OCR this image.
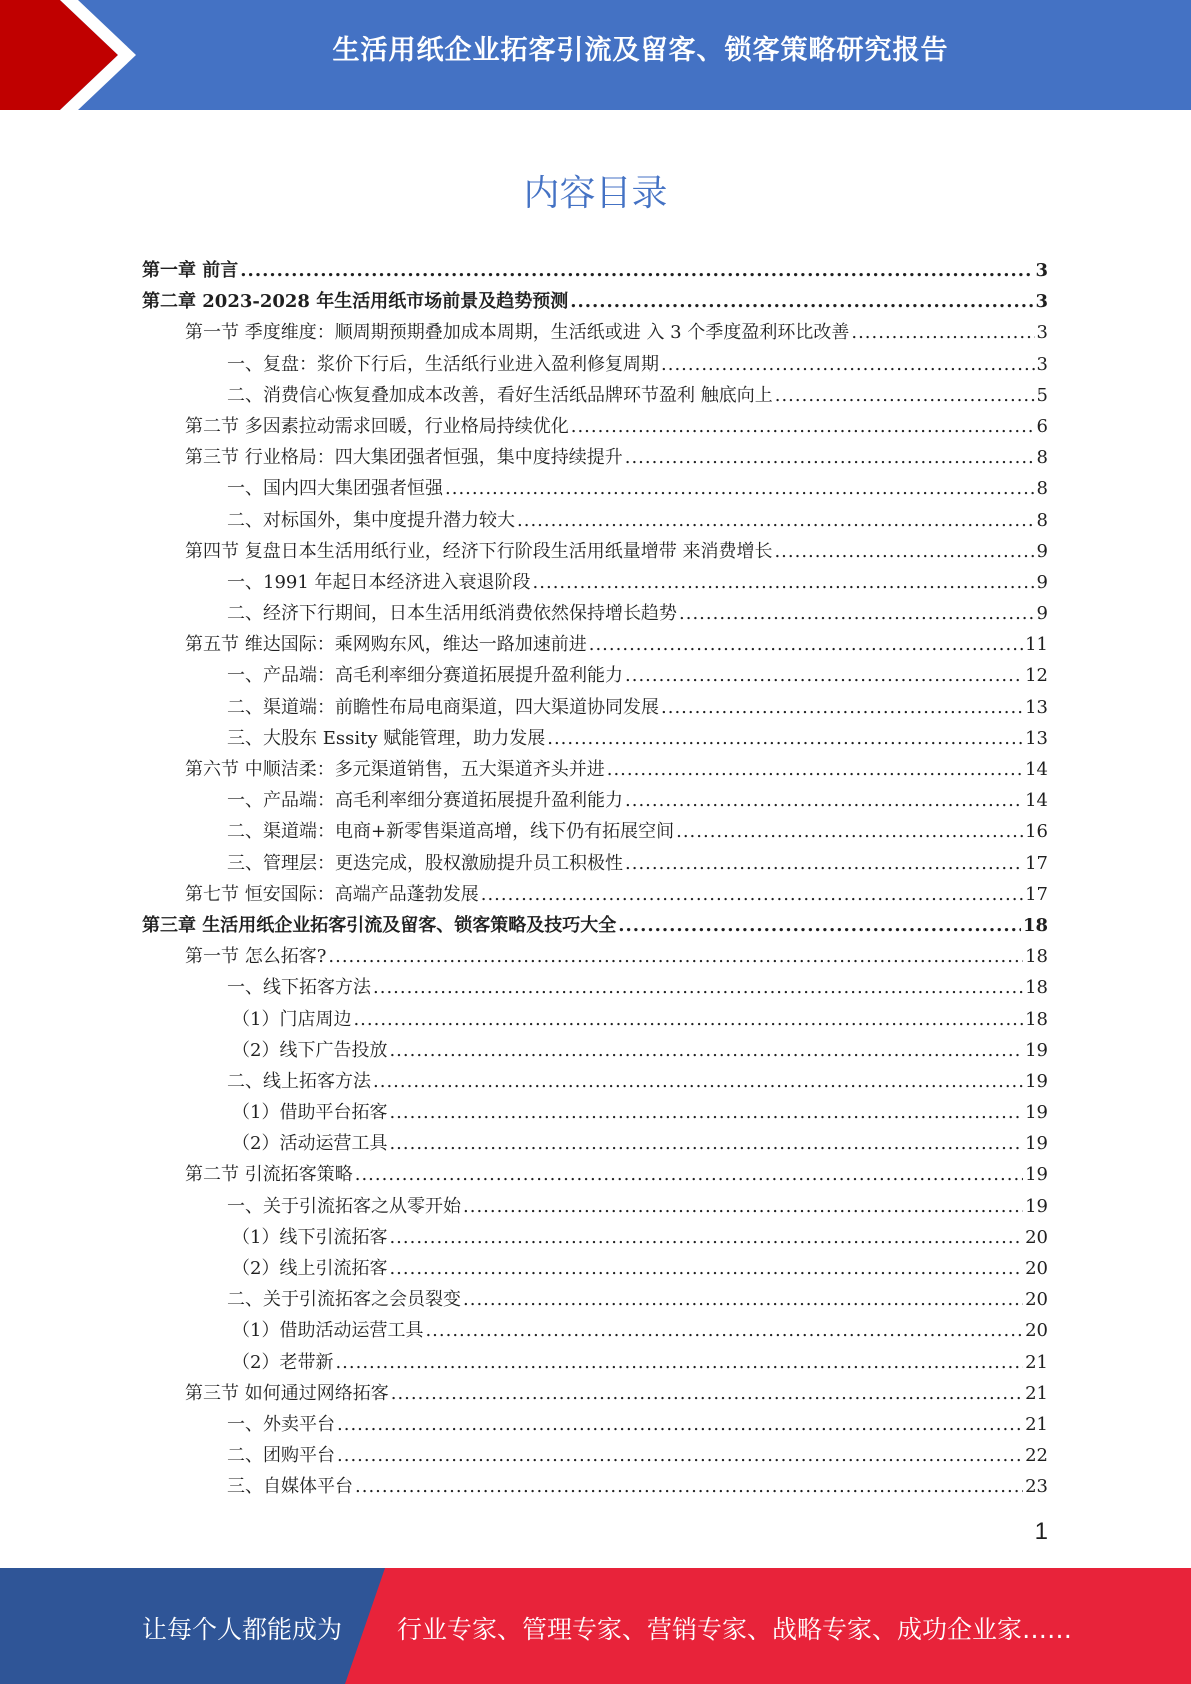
生活用纸企业拓客引流及留客、锁客策略研究报告
内容目录
第一章 前言 .....	3
第二章 2023-2028 年生活用纸市场前景及趋势预测 .....	3
第一节 季度维度：顺周期预期叠加成本周期，生活纸或进 入 3 个季度盈利环比改善 .....	3
一、复盘：浆价下行后，生活纸行业进入盈利修复周期 .....	3
二、消费信心恢复叠加成本改善，看好生活纸品牌环节盈利 触底向上 .....	5
第二节 多因素拉动需求回暖，行业格局持续优化 .....	6
第三节 行业格局：四大集团强者恒强，集中度持续提升 .....	8
一、国内四大集团强者恒强 .....	8
二、对标国外，集中度提升潜力较大 .....	8
第四节 复盘日本生活用纸行业，经济下行阶段生活用纸量增带 来消费增长 .....	9
一、1991 年起日本经济进入衰退阶段 .....	9
二、经济下行期间，日本生活用纸消费依然保持增长趋势 .....	9
第五节 维达国际：乘网购东风，维达一路加速前进 .....	11
一、产品端：高毛利率细分赛道拓展提升盈利能力 .....	12
二、渠道端：前瞻性布局电商渠道，四大渠道协同发展 .....	13
三、大股东 Essity 赋能管理，助力发展 .....	13
第六节 中顺洁柔：多元渠道销售，五大渠道齐头并进 .....	14
一、产品端：高毛利率细分赛道拓展提升盈利能力 .....	14
二、渠道端：电商+新零售渠道高增，线下仍有拓展空间 .....	16
三、管理层：更迭完成，股权激励提升员工积极性 .....	17
第七节 恒安国际：高端产品蓬勃发展 .....	17
第三章 生活用纸企业拓客引流及留客、锁客策略及技巧大全 .....	18
第一节 怎么拓客? .....	18
一、线下拓客方法 .....	18
（1）门店周边 .....	18
（2）线下广告投放 .....	19
二、线上拓客方法 .....	19
（1）借助平台拓客 .....	19
（2）活动运营工具 .....	19
第二节 引流拓客策略 .....	19
一、关于引流拓客之从零开始 .....	19
（1）线下引流拓客 .....	20
（2）线上引流拓客 .....	20
二、关于引流拓客之会员裂变 .....	20
（1）借助活动运营工具 .....	20
（2）老带新 .....	21
第三节 如何通过网络拓客 .....	21
一、外卖平台 .....	21
二、团购平台 .....	22
三、自媒体平台 .....	23
1
让每个人都能成为 行业专家、管理专家、营销专家、战略专家、成功企业家……
